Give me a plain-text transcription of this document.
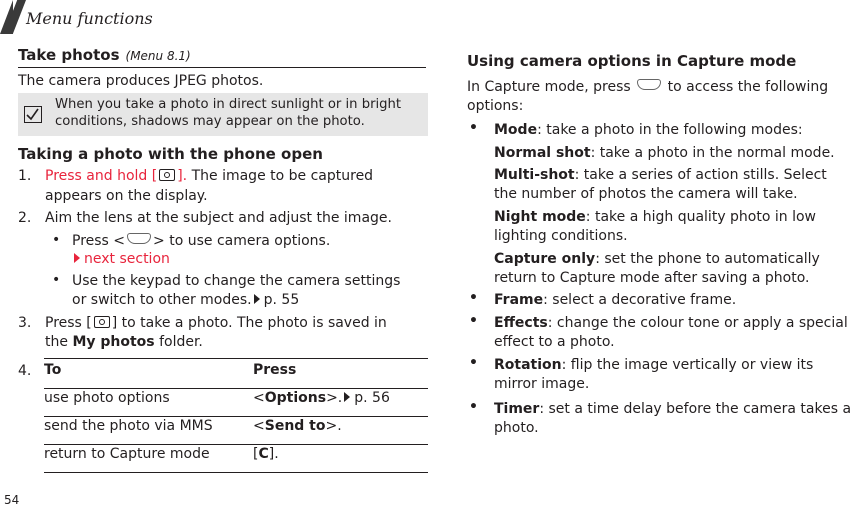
Menu functions
Take photos (Menu 8.1)

The camera produces JPEG photos.

When you take a photo in direct sunlight or in bright conditions, shadows may appear on the photo.

Taking a photo with the phone open

1. Press and hold [ ]. The image to be captured

appears on the display.

2. Aim the lens at the subject and adjust the image.

• Press < > to use camera options.

next section

• Use the keypad to change the camera settings

or switch to other modes. p. 55

3. Press [ ] to take a photo. The photo is saved in

the My photos folder.

4. To	Press

use photo options	<Options>. p. 56

send the photo via MMS	<Send to>.

return to Capture mode	[C].

Using camera options in Capture mode

In Capture mode, press	to access the following

options:

• Mode: take a photo in the following modes:

Normal shot: take a photo in the normal mode.

Multi-shot: take a series of action stills. Select

the number of photos the camera will take.

Night mode: take a high quality photo in low

lighting conditions.

Capture only: set the phone to automatically

return to Capture mode after saving a photo.

• Frame: select a decorative frame.

• Effects: change the colour tone or apply a special

effect to a photo.

• Rotation: flip the image vertically or view its

mirror image.

• Timer: set a time delay before the camera takes a

photo.

54
